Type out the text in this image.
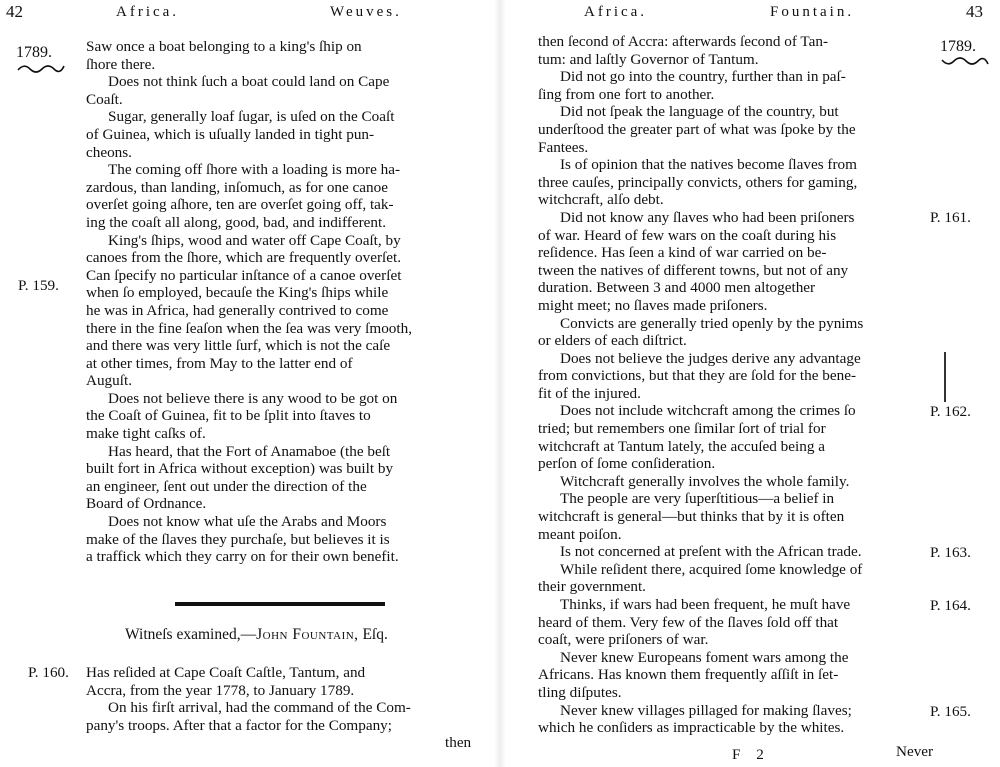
42	Africa.	Weuves.
1789. Saw once a boat belonging to a king's ſhip on

ſhore there.

Does not think ſuch a boat could land on Cape

Coaſt.

Sugar, generally loaf ſugar, is uſed on the Coaſt

of Guinea, which is uſually landed in tight pun-

cheons.

The coming off ſhore with a loading is more ha-

zardous, than landing, inſomuch, as for one canoe

overſet going aſhore, ten are overſet going off, tak-

ing the coaſt all along, good, bad, and indifferent.

King's ſhips, wood and water off Cape Coaſt, by

canoes from the ſhore, which are frequently overſet.

Can ſpecify no particular inſtance of a canoe overſet

when ſo employed, becauſe the King's ſhips while

he was in Africa, had generally contrived to come

there in the fine ſeaſon when the ſea was very ſmooth,

and there was very little ſurf, which is not the caſe

at other times, from May to the latter end of

Auguſt.

Does not believe there is any wood to be got on

the Coaſt of Guinea, fit to be ſplit into ſtaves to

make tight caſks of.

Has heard, that the Fort of Anamaboe (the beſt

built fort in Africa without exception) was built by

an engineer, ſent out under the direction of the

Board of Ordnance.

Does not know what uſe the Arabs and Moors

make of the ſlaves they purchaſe, but believes it is

a traffick which they carry on for their own benefit.

P. 159.
Witneſs examined,—John Fountain, Eſq.
P. 160. Has reſided at Cape Coaſt Caſtle, Tantum, and

Accra, from the year 1778, to January 1789.

On his firſt arrival, had the command of the Com-

pany's troops. After that a factor for the Company;

then
Africa.	Fountain.	43
1789.

then ſecond of Accra: afterwards ſecond of Tan-

tum: and laſtly Governor of Tantum.

Did not go into the country, further than in paſ-

ſing from one fort to another.

Did not ſpeak the language of the country, but

underſtood the greater part of what was ſpoke by the

Fantees.

Is of opinion that the natives become ſlaves from

three cauſes, principally convicts, others for gaming,

witchcraft, alſo debt.

Did not know any ſlaves who had been priſoners

of war. Heard of few wars on the coaſt during his

reſidence. Has ſeen a kind of war carried on be-

tween the natives of different towns, but not of any

duration. Between 3 and 4000 men altogether

might meet; no ſlaves made priſoners.

Convicts are generally tried openly by the pynims

or elders of each diſtrict.

Does not believe the judges derive any advantage

from convictions, but that they are ſold for the bene-

fit of the injured.

Does not include witchcraft among the crimes ſo

tried; but remembers one ſimilar ſort of trial for

witchcraft at Tantum lately, the accuſed being a

perſon of ſome conſideration.

Witchcraft generally involves the whole family.

The people are very ſuperſtitious—a belief in

witchcraft is general—but thinks that by it is often

meant poiſon.

Is not concerned at preſent with the African trade.

While reſident there, acquired ſome knowledge of

their government.

Thinks, if wars had been frequent, he muſt have

heard of them. Very few of the ſlaves ſold off that

coaſt, were priſoners of war.

Never knew Europeans foment wars among the

Africans. Has known them frequently aſſiſt in ſet-

tling diſputes.

Never knew villages pillaged for making ſlaves;

which he conſiders as impracticable by the whites.

P. 161.
P. 162.
P. 163.
P. 164.
P. 165.
F 2	Never
